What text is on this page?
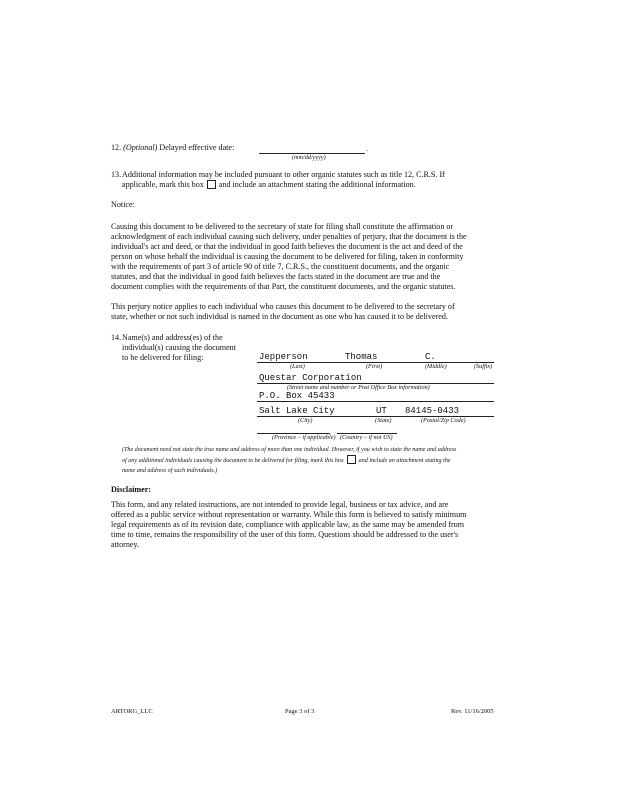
12. (Optional) Delayed effective date:	.
(mm/dd/yyyy)
13. Additional information may be included pursuant to other organic statutes such as title 12, C.R.S. If
applicable, mark this box and include an attachment stating the additional information.
Notice:

Causing this document to be delivered to the secretary of state for filing shall constitute the affirmation or

acknowledgment of each individual causing such delivery, under penalties of perjury, that the document is the

individual's act and deed, or that the individual in good faith believes the document is the act and deed of the

person on whose behalf the individual is causing the document to be delivered for filing, taken in conformity

with the requirements of part 3 of article 90 of title 7, C.R.S., the constituent documents, and the organic

statutes, and that the individual in good faith believes the facts stated in the document are true and the

document complies with the requirements of that Part, the constituent documents, and the organic statutes.

This perjury notice applies to each individual who causes this document to be delivered to the secretary of

state, whether or not such individual is named in the document as one who has caused it to be delivered.

14. Name(s) and address(es) of the

individual(s) causing the document

to be delivered for filing:	Jepperson	Thomas	C.
(Last)	(First)	(Middle)	(Suffix)
Questar Corporation
(Street name and number or Post Office Box information)
P.O. Box 45433
Salt Lake City	UT 84145-0433
(City)	(State)	(Postal/Zip Code)
(Province – if applicable) (Country – if not US)

(The document need not state the true name and address of more than one individual. However, if you wish to state the name and address

of any additional individuals causing the document to be delivered for filing, mark this box and include an attachment stating the

name and address of such individuals.)

Disclaimer:

This form, and any related instructions, are not intended to provide legal, business or tax advice, and are

offered as a public service without representation or warranty. While this form is believed to satisfy minimum

legal requirements as of its revision date, compliance with applicable law, as the same may be amended from

time to time, remains the responsibility of the user of this form. Questions should be addressed to the user's

attorney.

ARTORG_LLC	Page 3 of 3	Rev. 11/16/2005
